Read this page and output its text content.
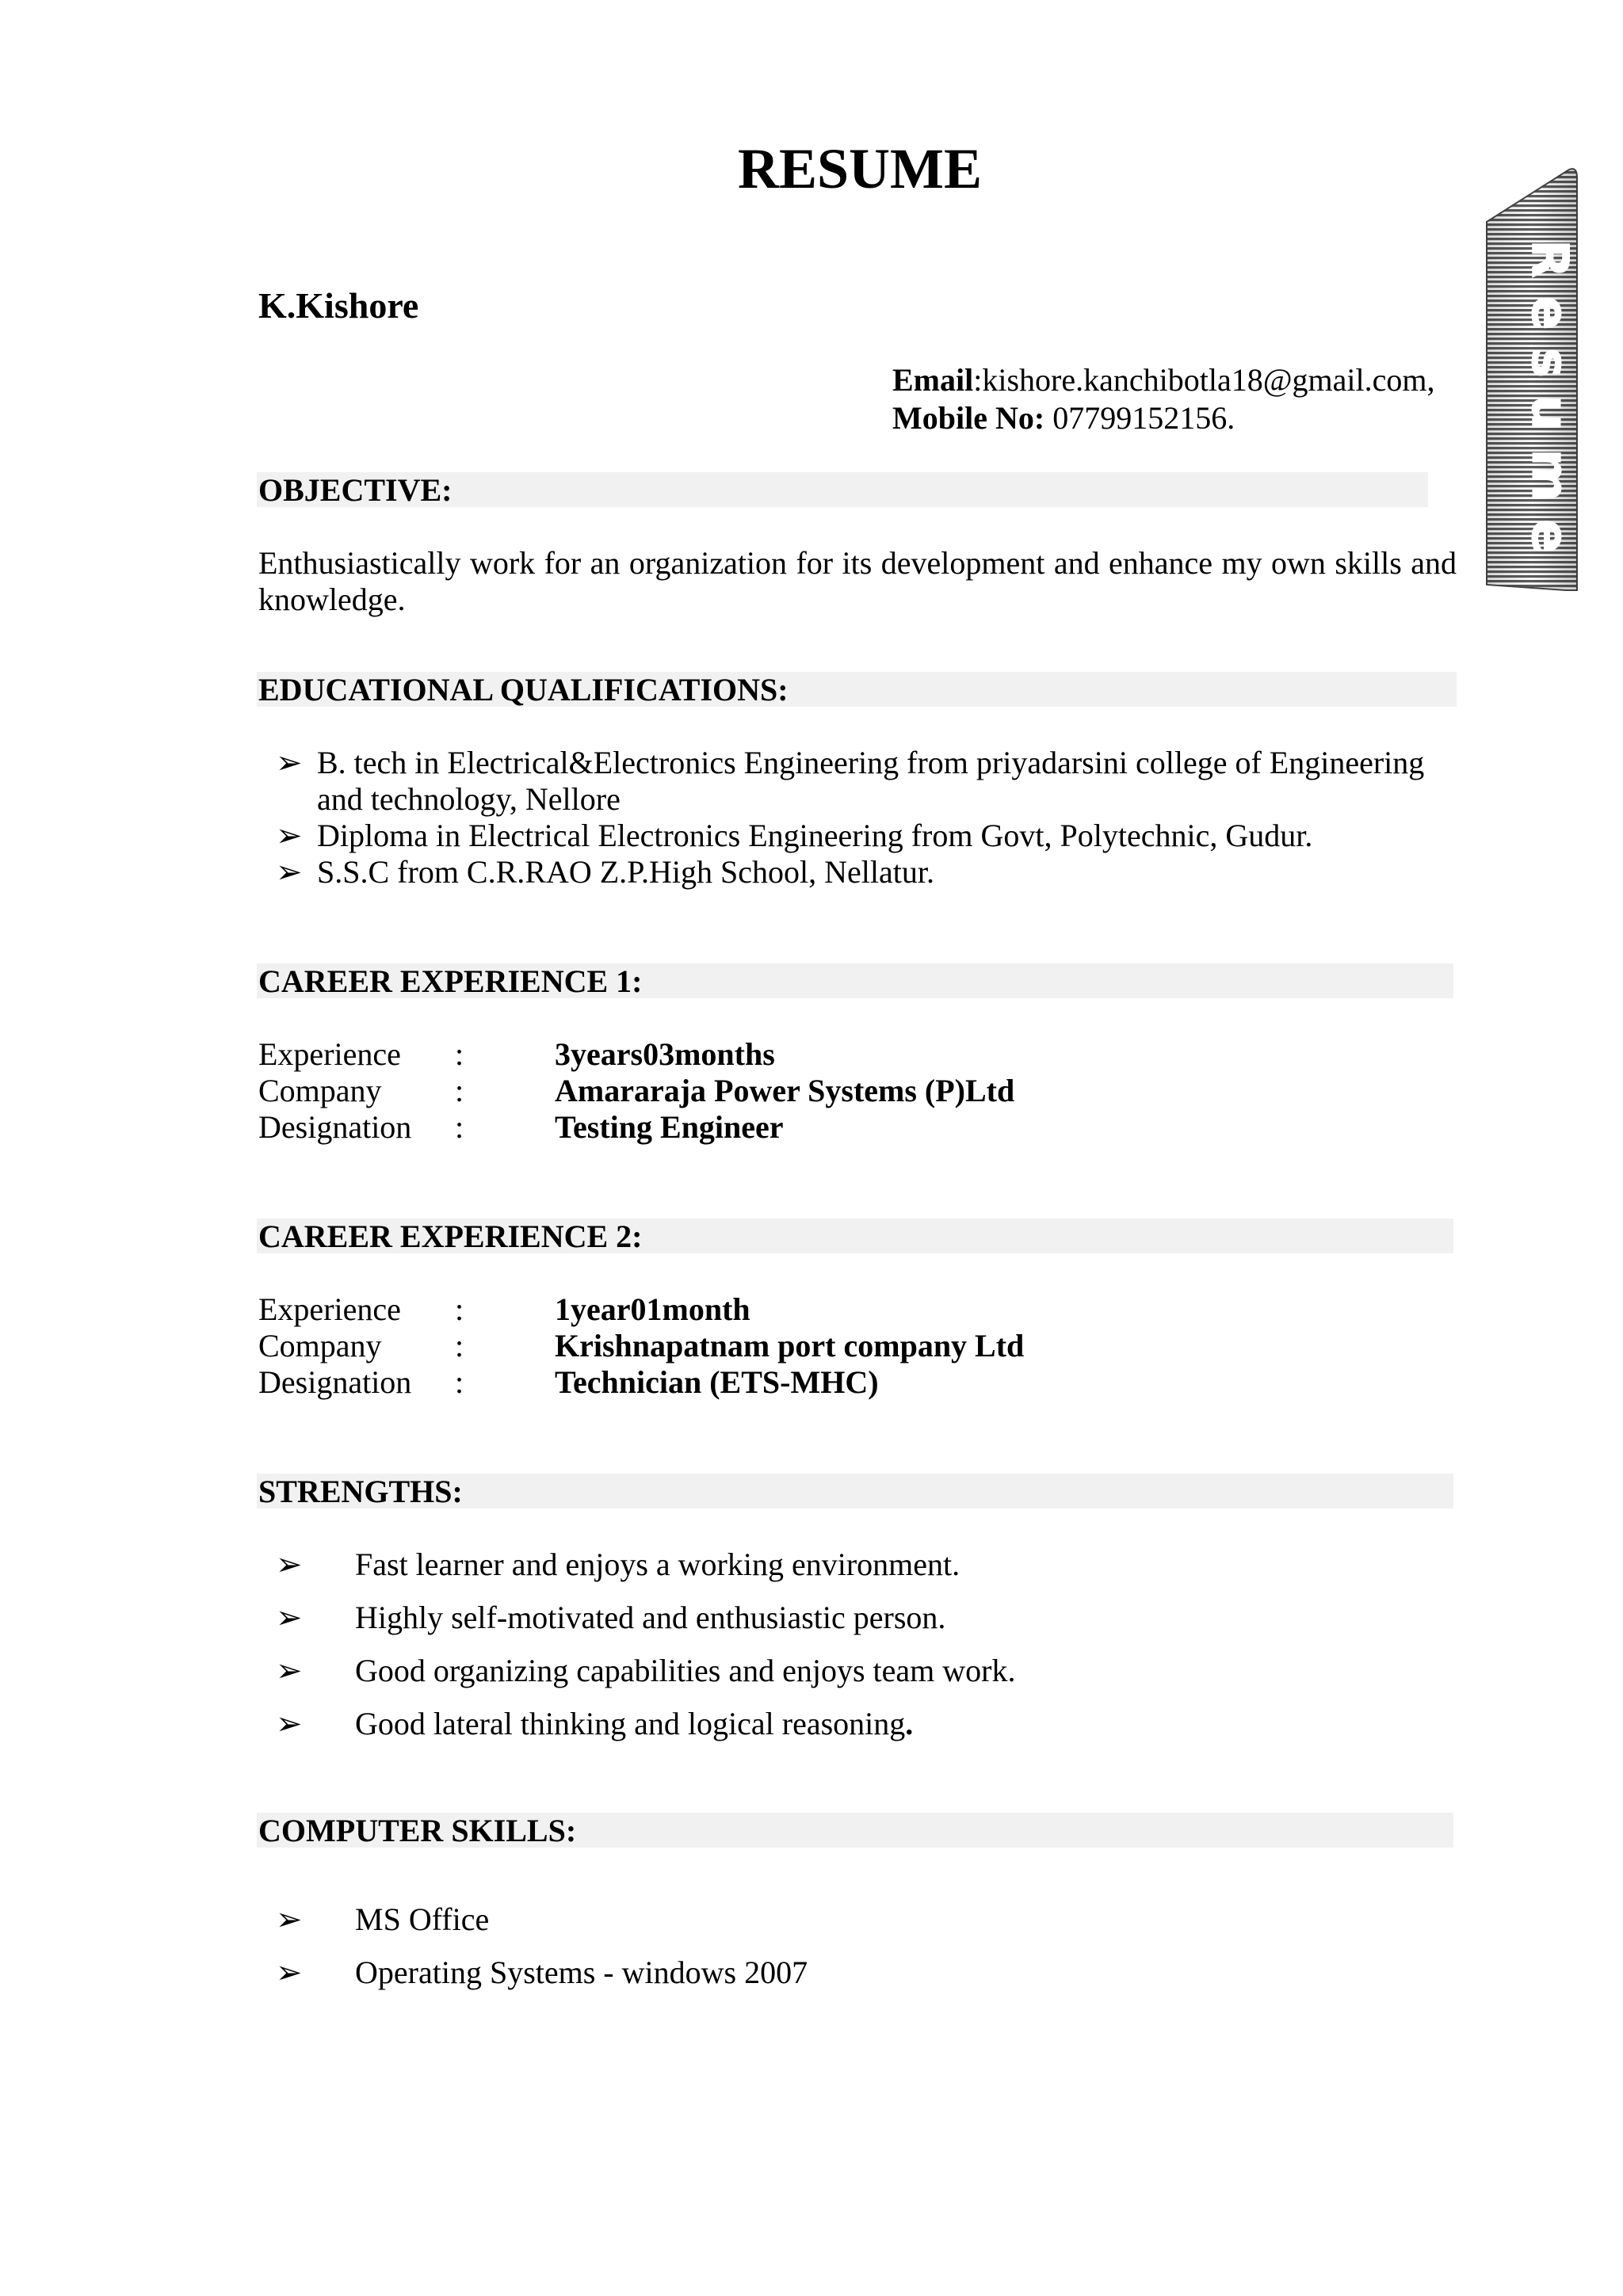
RESUME
Resume
K.Kishore
Email:kishore.kanchibotla18@gmail.com,
Mobile No: 07799152156.
OBJECTIVE:
Enthusiastically work for an organization for its development and enhance my own skills and knowledge.
EDUCATIONAL QUALIFICATIONS:
➢ B. tech in Electrical&Electronics Engineering from priyadarsini college of Engineering and technology, Nellore
➢ Diploma in Electrical Electronics Engineering from Govt, Polytechnic, Gudur.
➢ S.S.C from C.R.RAO Z.P.High School, Nellatur.
CAREER EXPERIENCE 1:
Experience :	3years03months
Company :	Amararaja Power Systems (P)Ltd
Designation :	Testing Engineer
CAREER EXPERIENCE 2:
Experience :	1year01month
Company :	Krishnapatnam port company Ltd
Designation :	Technician (ETS-MHC)
STRENGTHS:
➢ Fast learner and enjoys a working environment.
➢ Highly self-motivated and enthusiastic person.
➢ Good organizing capabilities and enjoys team work.
➢ Good lateral thinking and logical reasoning.
COMPUTER SKILLS:
➢ MS Office
➢ Operating Systems - windows 2007
